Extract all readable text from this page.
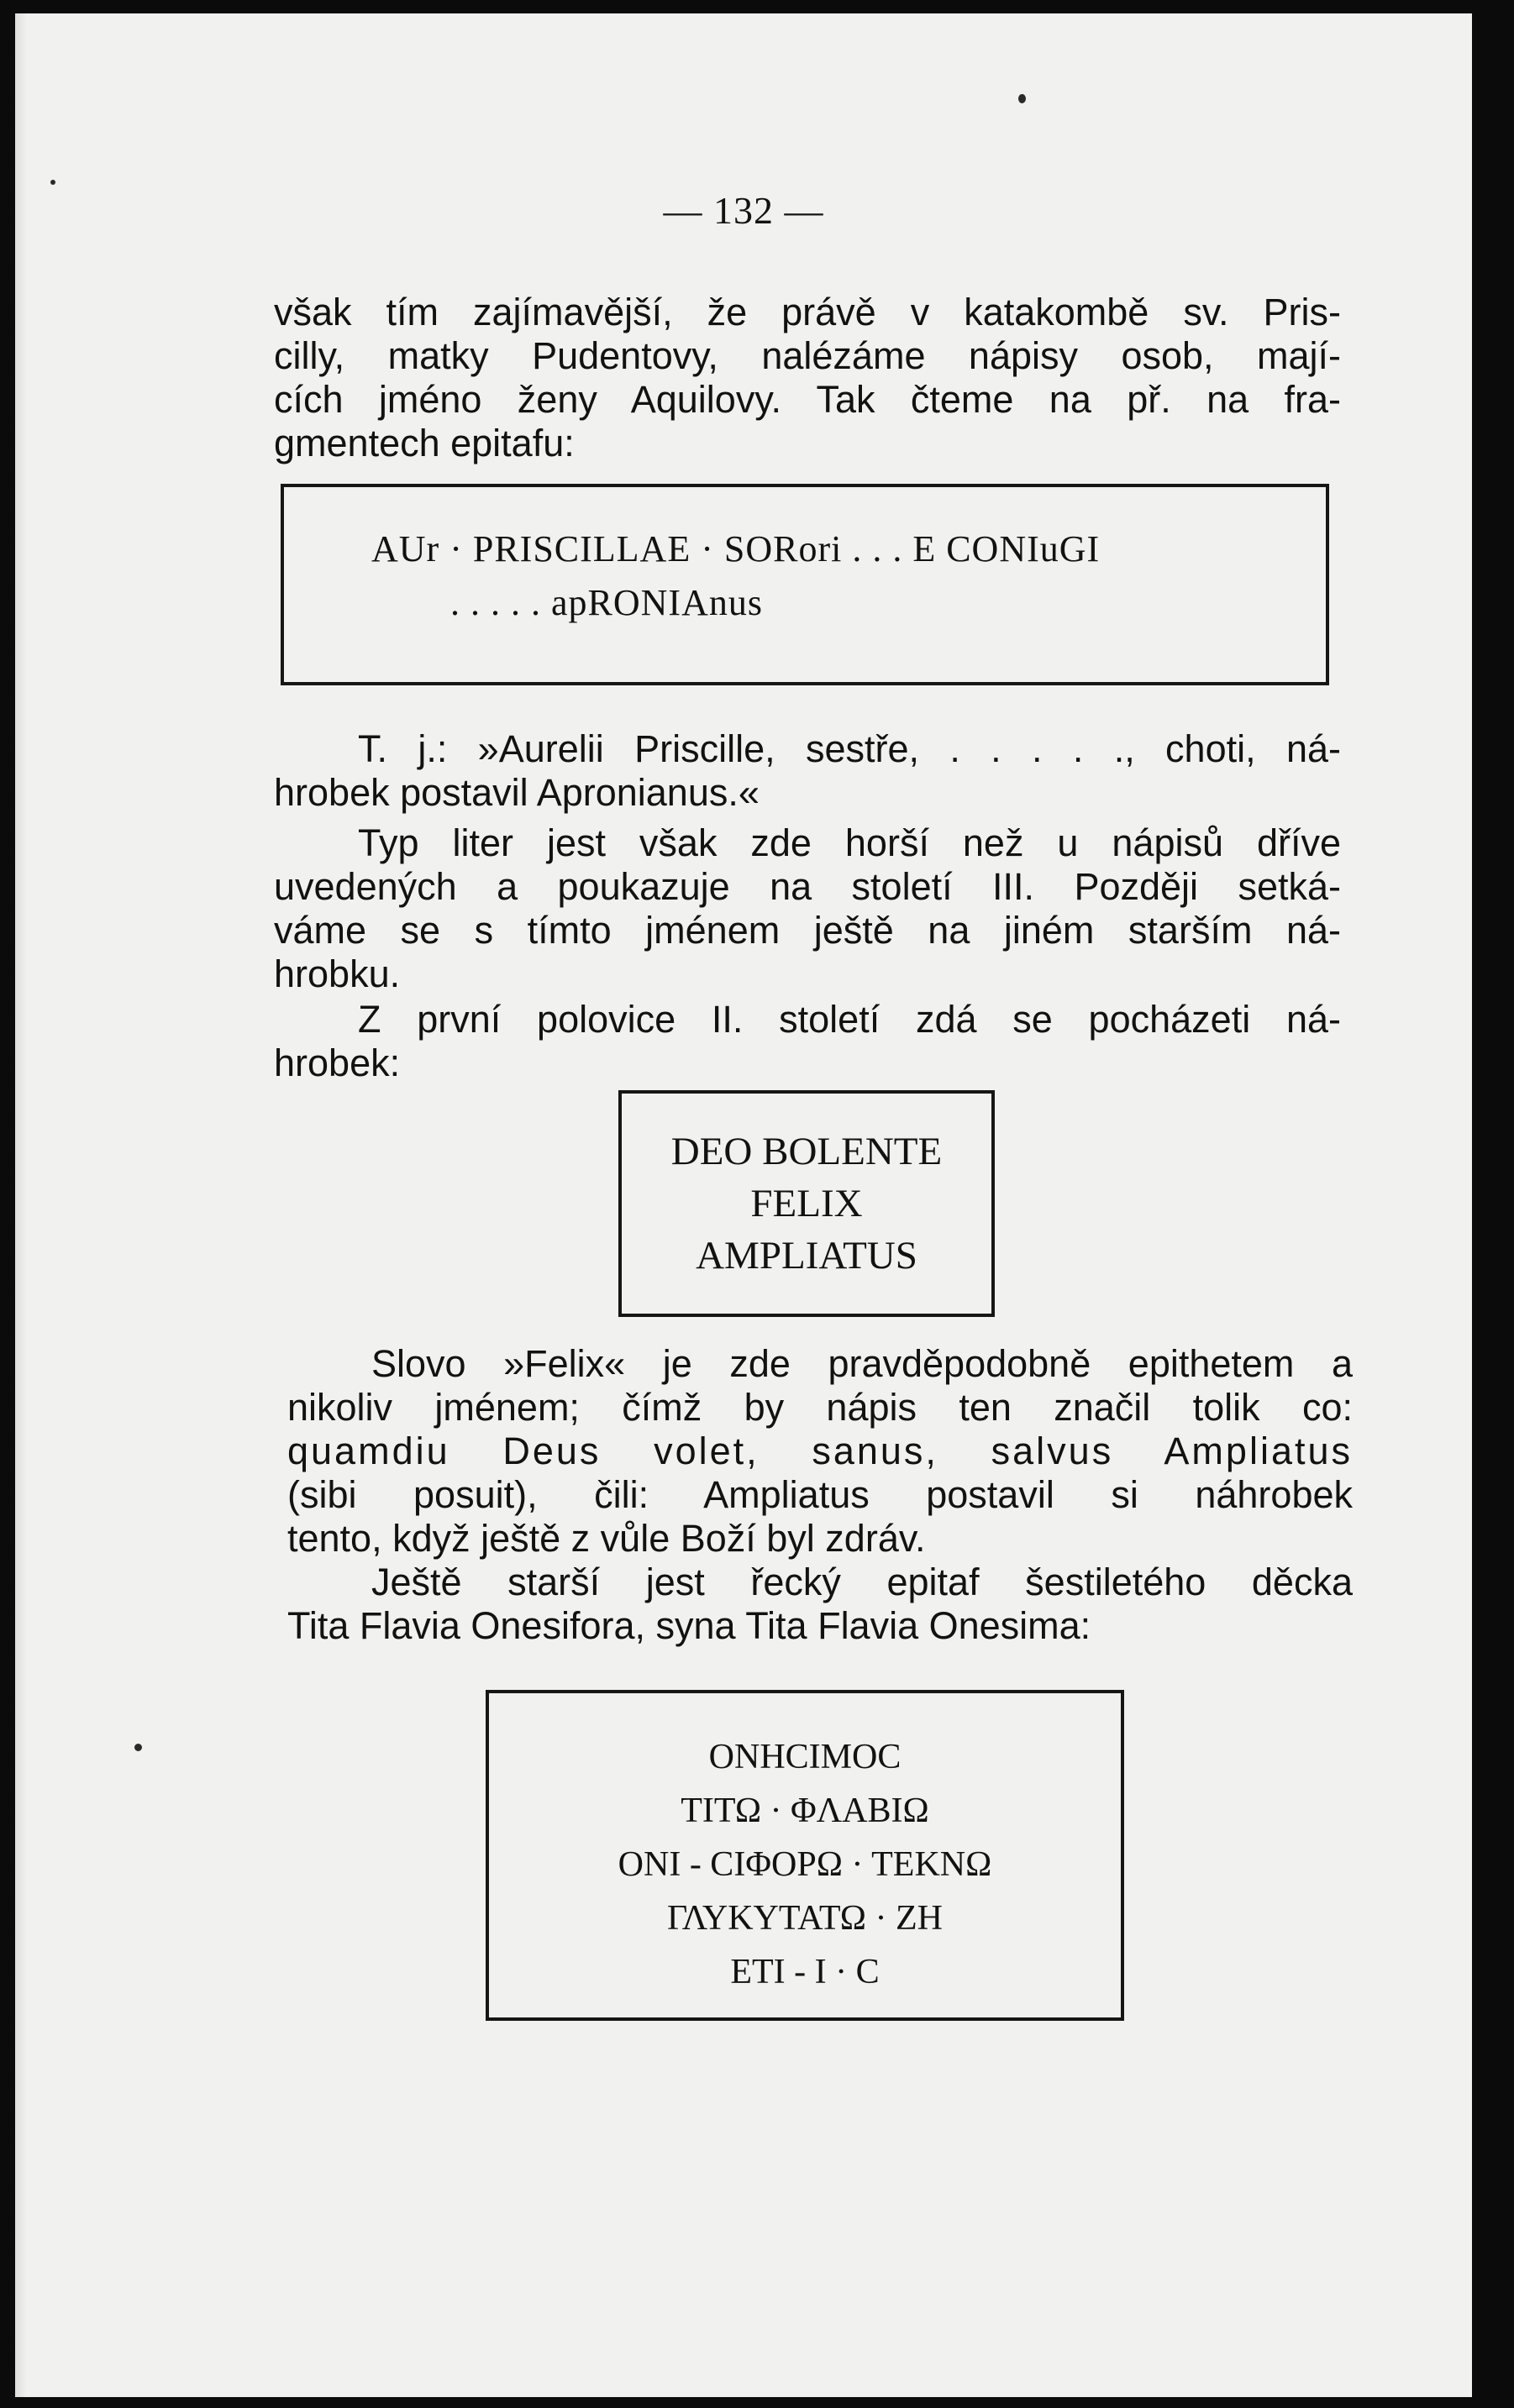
— 132 —
však tím zajímavější, že právě v katakombě sv. Pris-
cilly, matky Pudentovy, nalézáme nápisy osob, mají-
cích jméno ženy Aquilovy. Tak čteme na př. na fra-
gmentech epitafu:
AUr · PRISCILLAE · SORori . . . E CONIuGI
. . . . . apRONIAnus
T. j.: »Aurelii Priscille, sestře, . . . . ., choti, ná-
hrobek postavil Apronianus.«
Typ liter jest však zde horší než u nápisů dříve
uvedených a poukazuje na století III. Později setká-
váme se s tímto jménem ještě na jiném starším ná-
hrobku.
Z první polovice II. století zdá se pocházeti ná-
hrobek:
DEO BOLENTE
FELIX
AMPLIATUS
Slovo »Felix« je zde pravděpodobně epithetem a
nikoliv jménem; čímž by nápis ten značil tolik co:
quamdiu Deus volet, sanus, salvus Ampliatus
(sibi posuit), čili: Ampliatus postavil si náhrobek
tento, když ještě z vůle Boží byl zdráv.
Ještě starší jest řecký epitaf šestiletého děcka
Tita Flavia Onesifora, syna Tita Flavia Onesima:
ΟΝΗCΙΜΟC
ΤΙΤΩ · ΦΛΑΒΙΩ
ΟΝΙ - CΙΦΟΡΩ · ΤΕΚΝΩ
ΓΛΥΚΥΤΑΤΩ · ΖΗ
ΕΤΙ - Ι · C
